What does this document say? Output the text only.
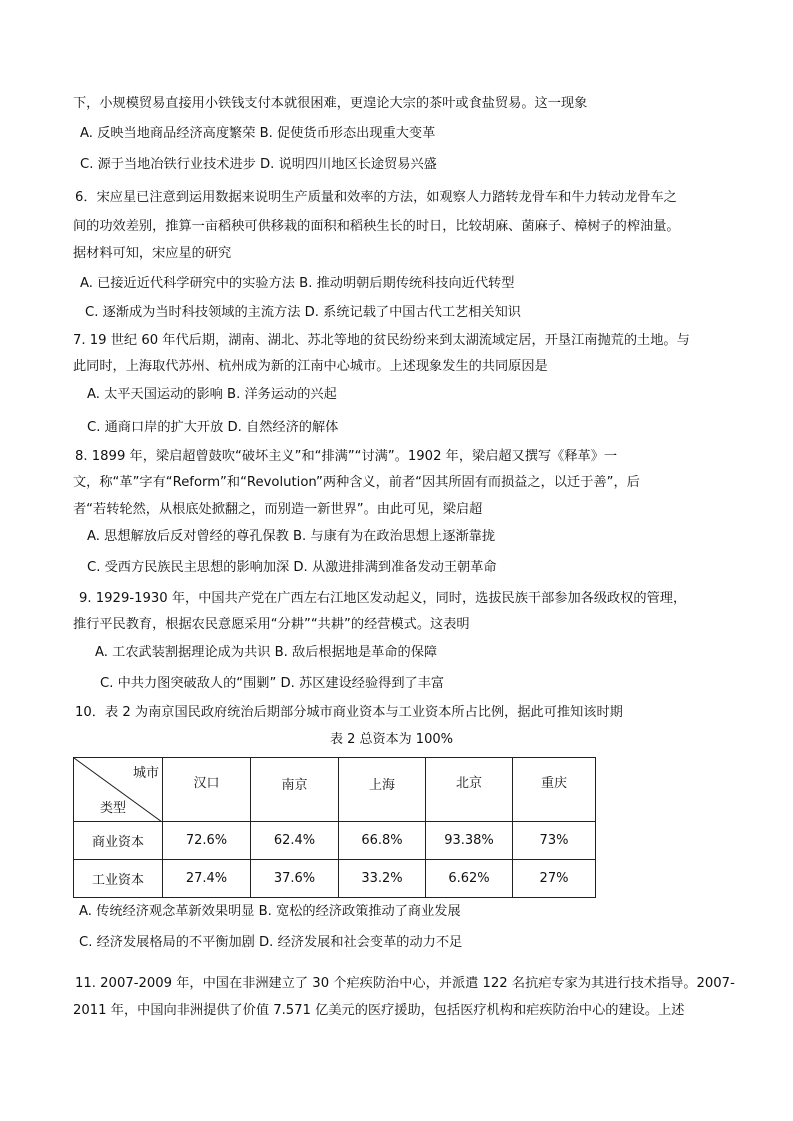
下，小规模贸易直接用小铁钱支付本就很困难，更遑论大宗的茶叶或食盐贸易。这一现象
A. 反映当地商品经济高度繁荣 B. 促使货币形态出现重大变革
C. 源于当地冶铁行业技术进步 D. 说明四川地区长途贸易兴盛
6．宋应星已注意到运用数据来说明生产质量和效率的方法，如观察人力踏转龙骨车和牛力转动龙骨车之
间的功效差别，推算一亩稻秧可供移栽的面积和稻秧生长的时日，比较胡麻、菌麻子、樟树子的榨油量。
据材料可知，宋应星的研究
A. 已接近近代科学研究中的实验方法 B. 推动明朝后期传统科技向近代转型
C. 逐渐成为当时科技领域的主流方法 D. 系统记载了中国古代工艺相关知识
7. 19 世纪 60 年代后期，湖南、湖北、苏北等地的贫民纷纷来到太湖流域定居，开垦江南抛荒的土地。与
此同时，上海取代苏州、杭州成为新的江南中心城市。上述现象发生的共同原因是
A. 太平天国运动的影响 B. 洋务运动的兴起
C. 通商口岸的扩大开放 D. 自然经济的解体
8. 1899 年，梁启超曾鼓吹“破坏主义”和“排满”“讨满”。1902 年，梁启超又撰写《释革》一
文，称“革”字有“Reform”和“Revolution”两种含义，前者“因其所固有而损益之，以迁于善”，后
者“若转轮然，从根底处掀翻之，而别造一新世界”。由此可见，梁启超
A. 思想解放后反对曾经的尊孔保教 B. 与康有为在政治思想上逐渐靠拢
C. 受西方民族民主思想的影响加深 D. 从激进排满到准备发动王朝革命
9. 1929-1930 年，中国共产党在广西左右江地区发动起义，同时，选拔民族干部参加各级政权的管理，
推行平民教育，根据农民意愿采用“分耕”“共耕”的经营模式。这表明
A. 工农武装割据理论成为共识 B. 敌后根据地是革命的保障
C. 中共力图突破敌人的“围剿” D. 苏区建设经验得到了丰富
10．表 2 为南京国民政府统治后期部分城市商业资本与工业资本所占比例，据此可推知该时期
表 2 总资本为 100%
城市
类型	汉口	南京	上海	北京	重庆
商业资本	72.6%	62.4%	66.8%	93.38%	73%
工业资本	27.4%	37.6%	33.2%	6.62%	27%
A. 传统经济观念革新效果明显 B. 宽松的经济政策推动了商业发展
C. 经济发展格局的不平衡加剧 D. 经济发展和社会变革的动力不足
11. 2007-2009 年，中国在非洲建立了 30 个疟疾防治中心，并派遣 122 名抗疟专家为其进行技术指导。2007-
2011 年，中国向非洲提供了价值 7.571 亿美元的医疗援助，包括医疗机构和疟疾防治中心的建设。上述
